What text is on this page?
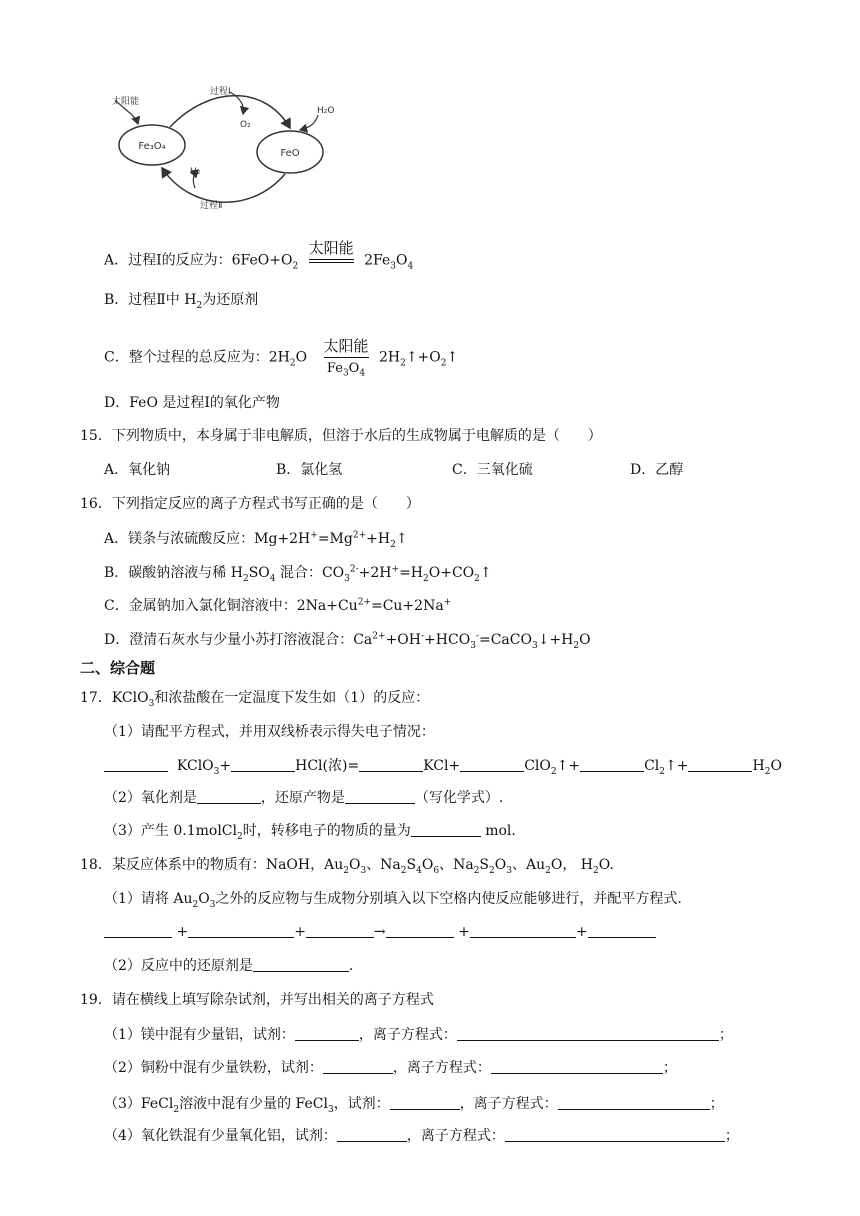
Fe₃O₄
FeO
太阳能
过程Ⅰ
O₂
H₂O
H₂
过程Ⅱ
A．过程Ⅰ的反应为：$6FeO+O_2$
太阳能

$2Fe_3O_4$
B．过程Ⅱ中 $H_2$为还原剂
C．整个过程的总反应为：$2H_2O \frac{\text{太阳能}}{Fe_3O_4}$ $2H_2↑+O_2↑$
D．FeO 是过程Ⅰ的氧化产物
15．下列物质中，本身属于非电解质，但溶于水后的生成物属于电解质的是（　　）
A．氧化钠	B．氯化氢	C．三氧化硫	D．乙醇
16．下列指定反应的离子方程式书写正确的是（　　）
A．镁条与浓硫酸反应：$Mg+2H^+=Mg^{2+}+H_2↑$
B．碳酸钠溶液与稀 $H_2SO_4$ 混合：$CO_3^{2-}+2H^+=H_2O+CO_2↑$
C．金属钠加入氯化铜溶液中：$2Na+Cu^{2+}=Cu+2Na^+$
D．澄清石灰水与少量小苏打溶液混合：$Ca^{2+}+OH^-+HCO_3^-=CaCO_3↓+H_2O$
二、综合题
17．KClO$_3$和浓盐酸在一定温度下发生如（1）的反应：
（1）请配平方程式，并用双线桥表示得失电子情况：
KClO$_3$+	HCl(浓)=	KCl+	ClO$_2$↑+	$Cl_2↑+$	$H_2O$
（2）氧化剂是	，还原产物是	（写化学式）.
（3）产生 0.1molCl$_2$时，转移电子的物质的量为	mol．
18．某反应体系中的物质有：NaOH，$Au_2O_3$、$Na_2S_4O_6$、$Na_2S_2O_3$、$Au_2O$， $H_2O$.
（1）请将 $Au_2O_3$之外的反应物与生成物分别填入以下空格内使反应能够进行，并配平方程式.
+	+	→	+	+
（2）反应中的还原剂是	.
19．请在横线上填写除杂试剂，并写出相关的离子方程式
（1）镁中混有少量铝，试剂：	，离子方程式：	；
（2）铜粉中混有少量铁粉，试剂：	，离子方程式：	；
（3）FeCl$_2$溶液中混有少量的 FeCl$_3$，试剂：	，离子方程式：	；
（4）氧化铁混有少量氧化铝，试剂：	，离子方程式：	；
